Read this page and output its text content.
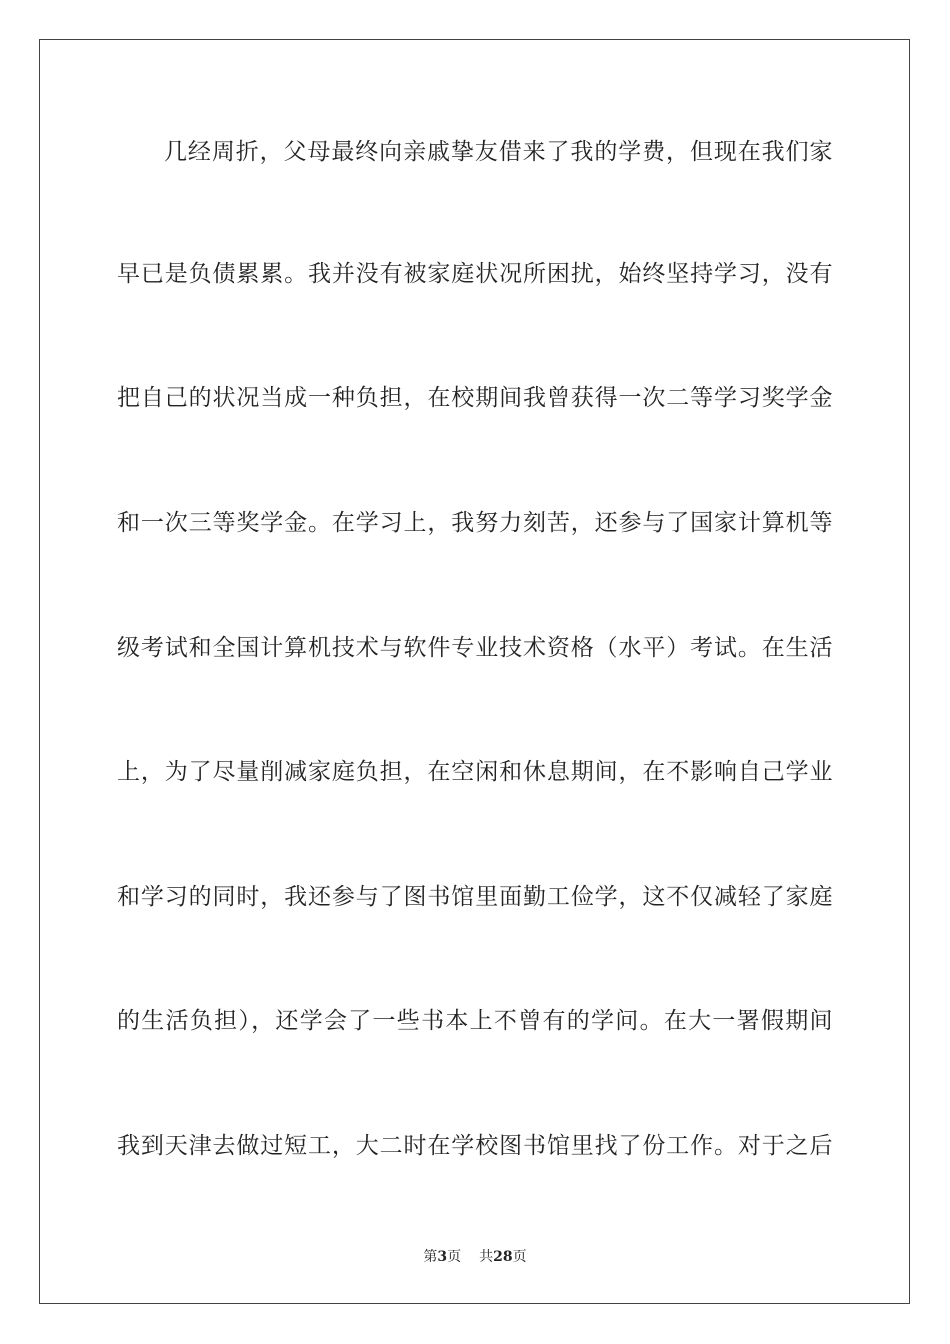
几经周折，父母最终向亲戚挚友借来了我的学费，但现在我们家
早已是负债累累。我并没有被家庭状况所困扰，始终坚持学习，没有
把自己的状况当成一种负担，在校期间我曾获得一次二等学习奖学金
和一次三等奖学金。在学习上，我努力刻苦，还参与了国家计算机等
级考试和全国计算机技术与软件专业技术资格（水平）考试。在生活
上，为了尽量削减家庭负担，在空闲和休息期间，在不影响自己学业
和学习的同时，我还参与了图书馆里面勤工俭学，这不仅减轻了家庭
的生活负担），还学会了一些书本上不曾有的学问。在大一署假期间
我到天津去做过短工，大二时在学校图书馆里找了份工作。对于之后
第3页 共28页
